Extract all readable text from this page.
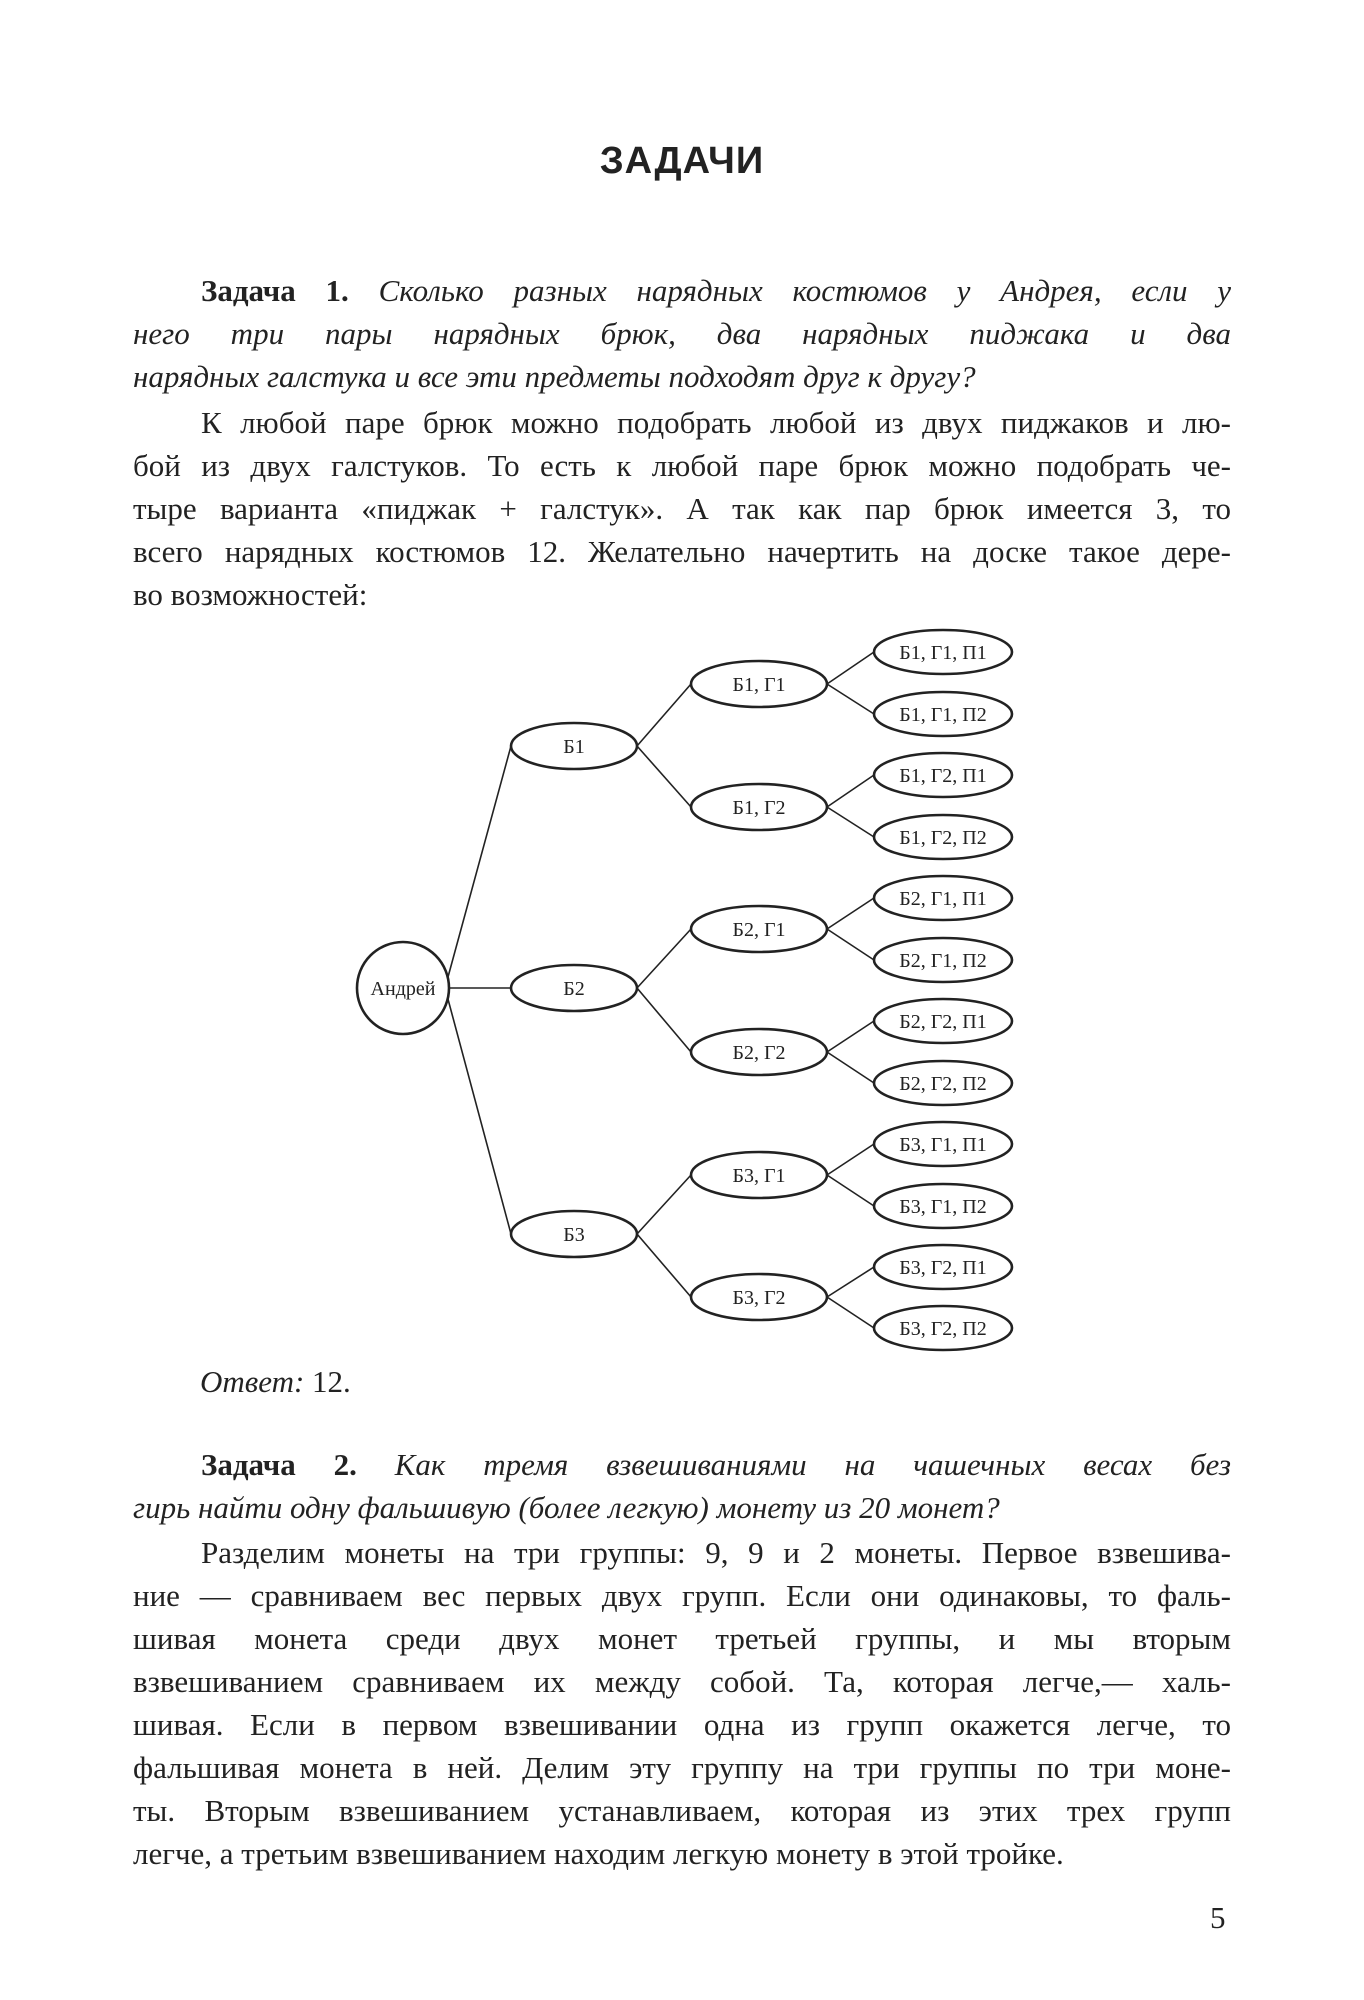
ЗАДАЧИ
Задача 1. Сколько разных нарядных костюмов у Андрея, если у
него три пары нарядных брюк, два нарядных пиджака и два
нарядных галстука и все эти предметы подходят друг к другу?
К любой паре брюк можно подобрать любой из двух пиджаков и лю-
бой из двух галстуков. То есть к любой паре брюк можно подобрать че-
тыре варианта «пиджак + галстук». А так как пар брюк имеется 3, то
всего нарядных костюмов 12. Желательно начертить на доске такое дере-
во возможностей:
Андрей
Б1
Б2
Б3
Б1, Г1
Б1, Г2
Б2, Г1
Б2, Г2
Б3, Г1
Б3, Г2
Б1, Г1, П1
Б1, Г1, П2
Б1, Г2, П1
Б1, Г2, П2
Б2, Г1, П1
Б2, Г1, П2
Б2, Г2, П1
Б2, Г2, П2
Б3, Г1, П1
Б3, Г1, П2
Б3, Г2, П1
Б3, Г2, П2

Ответ: 12.

Задача 2. Как тремя взвешиваниями на чашечных весах без
гирь найти одну фальшивую (более легкую) монету из 20 монет?
Разделим монеты на три группы: 9, 9 и 2 монеты. Первое взвешива-
ние — сравниваем вес первых двух групп. Если они одинаковы, то фаль-
шивая монета среди двух монет третьей группы, и мы вторым
взвешиванием сравниваем их между собой. Та, которая легче,— халь-
шивая. Если в первом взвешивании одна из групп окажется легче, то
фальшивая монета в ней. Делим эту группу на три группы по три моне-
ты. Вторым взвешиванием устанавливаем, которая из этих трех групп
легче, а третьим взвешиванием находим легкую монету в этой тройке.

5
